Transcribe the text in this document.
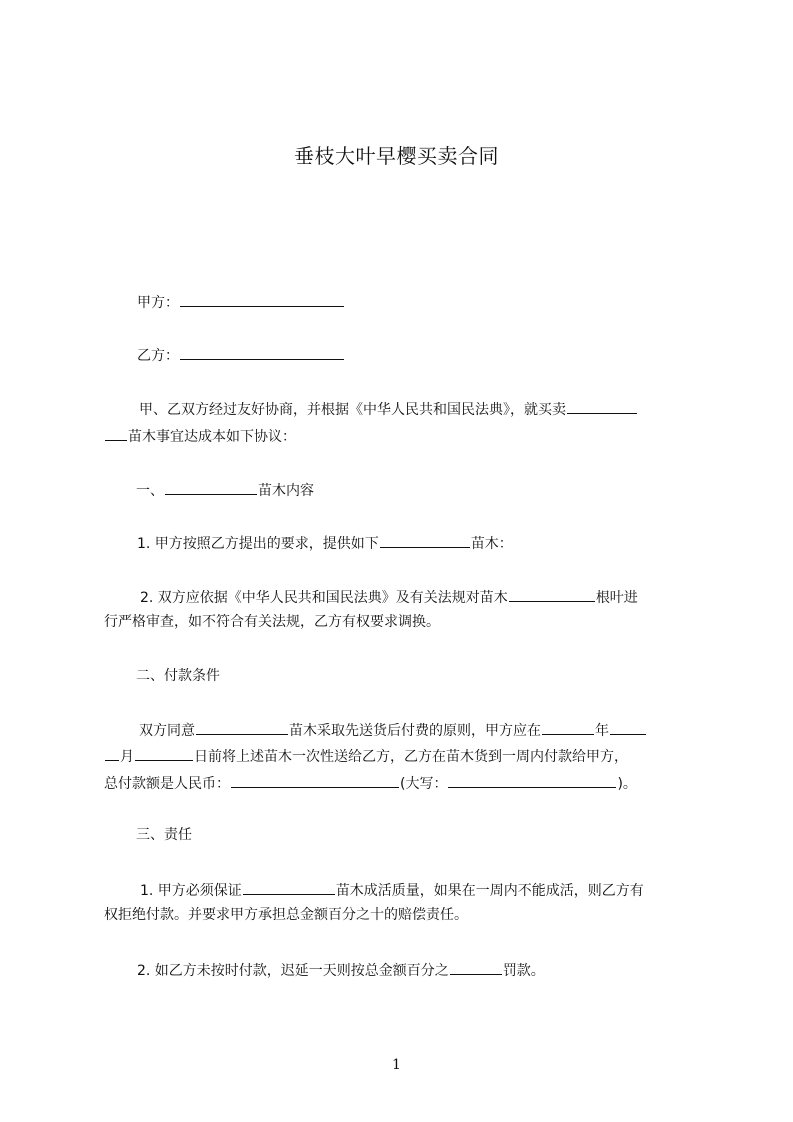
垂枝大叶早樱买卖合同
甲方：
乙方：
甲、乙双方经过友好协商，并根据《中华人民共和国民法典》，就买卖
苗木事宜达成本如下协议：
一、	苗木内容
1. 甲方按照乙方提出的要求，提供如下	苗木：
2. 双方应依据《中华人民共和国民法典》及有关法规对苗木	根叶进
行严格审查，如不符合有关法规，乙方有权要求调换。
二、付款条件
双方同意	苗木采取先送货后付费的原则，甲方应在	年
月	日前将上述苗木一次性送给乙方，乙方在苗木货到一周内付款给甲方，
总付款额是人民币：	(大写：	)。
三、责任
1. 甲方必须保证	苗木成活质量，如果在一周内不能成活，则乙方有
权拒绝付款。并要求甲方承担总金额百分之十的赔偿责任。
2. 如乙方未按时付款，迟延一天则按总金额百分之	罚款。
1
